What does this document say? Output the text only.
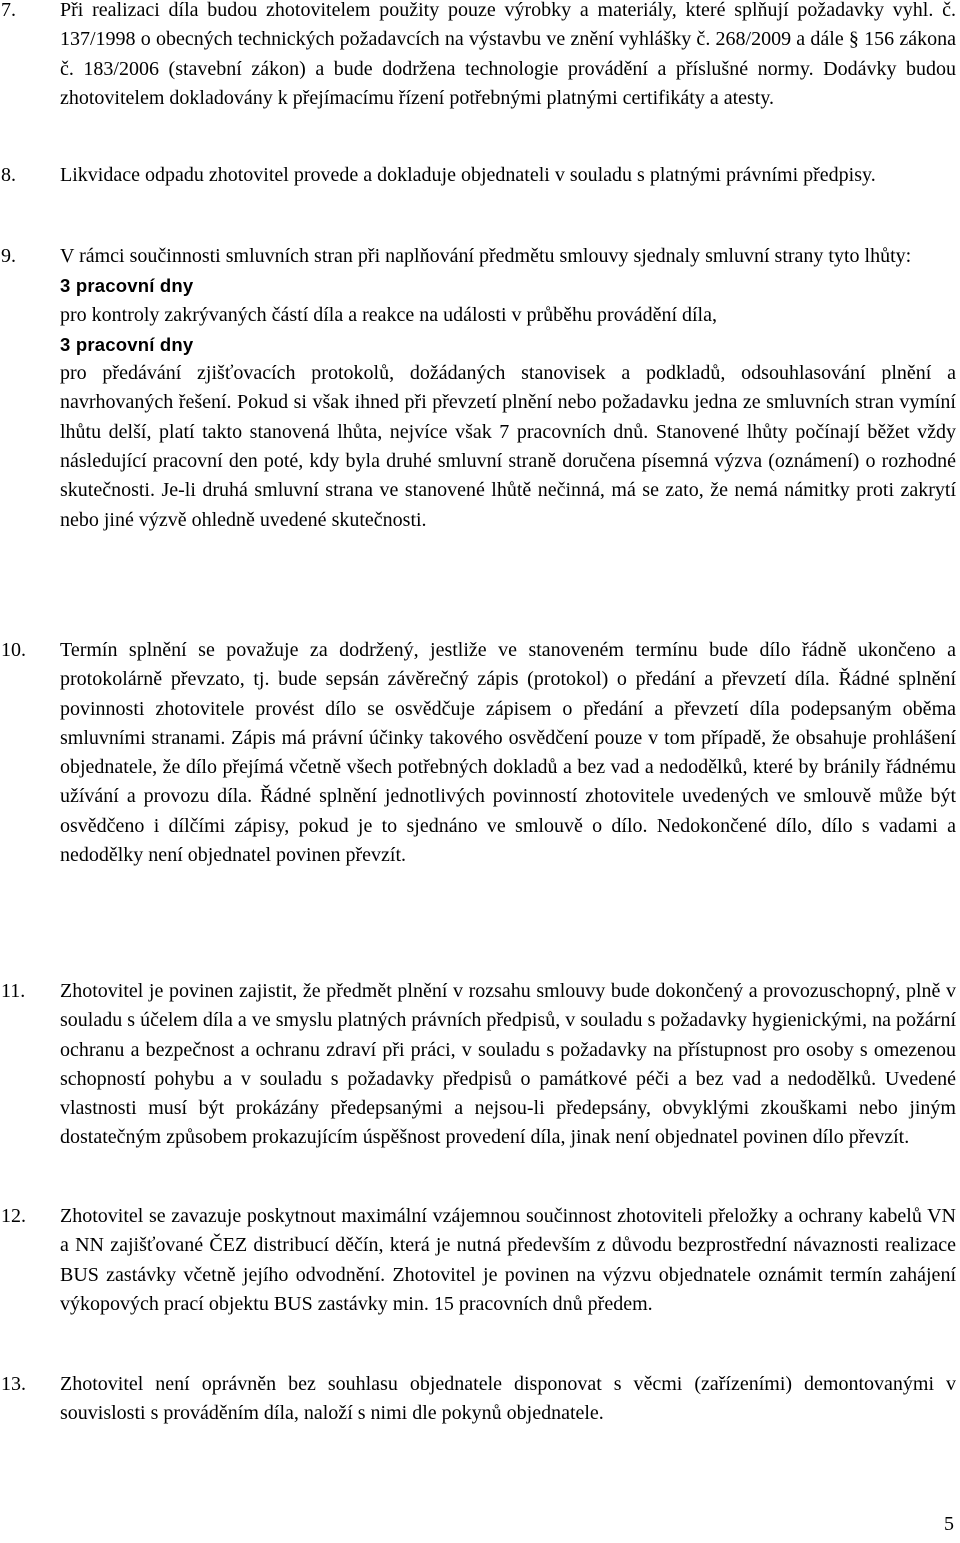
7. Při realizaci díla budou zhotovitelem použity pouze výrobky a materiály, které splňují požadavky vyhl. č. 137/1998 o obecných technických požadavcích na výstavbu ve znění vyhlášky č. 268/2009 a dále § 156 zákona č. 183/2006 (stavební zákon) a bude dodržena technologie provádění a příslušné normy. Dodávky budou zhotovitelem dokladovány k přejímacímu řízení potřebnými platnými certifikáty a atesty.

8. Likvidace odpadu zhotovitel provede a dokladuje objednateli v souladu s platnými právními předpisy.

9. V rámci součinnosti smluvních stran při naplňování předmětu smlouvy sjednaly smluvní strany tyto lhůty:

3 pracovní dny

pro kontroly zakrývaných částí díla a reakce na události v průběhu provádění díla,

3 pracovní dny

pro předávání zjišťovacích protokolů, dožádaných stanovisek a podkladů, odsouhlasování plnění a navrhovaných řešení. Pokud si však ihned při převzetí plnění nebo požadavku jedna ze smluvních stran vymíní lhůtu delší, platí takto stanovená lhůta, nejvíce však 7 pracovních dnů. Stanovené lhůty počínají běžet vždy následující pracovní den poté, kdy byla druhé smluvní straně doručena písemná výzva (oznámení) o rozhodné skutečnosti. Je-li druhá smluvní strana ve stanovené lhůtě nečinná, má se zato, že nemá námitky proti zakrytí nebo jiné výzvě ohledně uvedené skutečnosti.

10. Termín splnění se považuje za dodržený, jestliže ve stanoveném termínu bude dílo řádně ukončeno a protokolárně převzato, tj. bude sepsán závěrečný zápis (protokol) o předání a převzetí díla. Řádné splnění povinnosti zhotovitele provést dílo se osvědčuje zápisem o předání a převzetí díla podepsaným oběma smluvními stranami. Zápis má právní účinky takového osvědčení pouze v tom případě, že obsahuje prohlášení objednatele, že dílo přejímá včetně všech potřebných dokladů a bez vad a nedodělků, které by bránily řádnému užívání a provozu díla. Řádné splnění jednotlivých povinností zhotovitele uvedených ve smlouvě může být osvědčeno i dílčími zápisy, pokud je to sjednáno ve smlouvě o dílo. Nedokončené dílo, dílo s vadami a nedodělky není objednatel povinen převzít.

11. Zhotovitel je povinen zajistit, že předmět plnění v rozsahu smlouvy bude dokončený a provozuschopný, plně v souladu s účelem díla a ve smyslu platných právních předpisů, v souladu s požadavky hygienickými, na požární ochranu a bezpečnost a ochranu zdraví při práci, v souladu s požadavky na přístupnost pro osoby s omezenou schopností pohybu a v souladu s požadavky předpisů o památkové péči a bez vad a nedodělků. Uvedené vlastnosti musí být prokázány předepsanými a nejsou-li předepsány, obvyklými zkouškami nebo jiným dostatečným způsobem prokazujícím úspěšnost provedení díla, jinak není objednatel povinen dílo převzít.

12. Zhotovitel se zavazuje poskytnout maximální vzájemnou součinnost zhotoviteli přeložky a ochrany kabelů VN a NN zajišťované ČEZ distribucí děčín, která je nutná především z důvodu bezprostřední návaznosti realizace BUS zastávky včetně jejího odvodnění. Zhotovitel je povinen na výzvu objednatele oznámit termín zahájení výkopových prací objektu BUS zastávky min. 15 pracovních dnů předem.

13. Zhotovitel není oprávněn bez souhlasu objednatele disponovat s věcmi (zařízeními) demontovanými v souvislosti s prováděním díla, naloží s nimi dle pokynů objednatele.

5
